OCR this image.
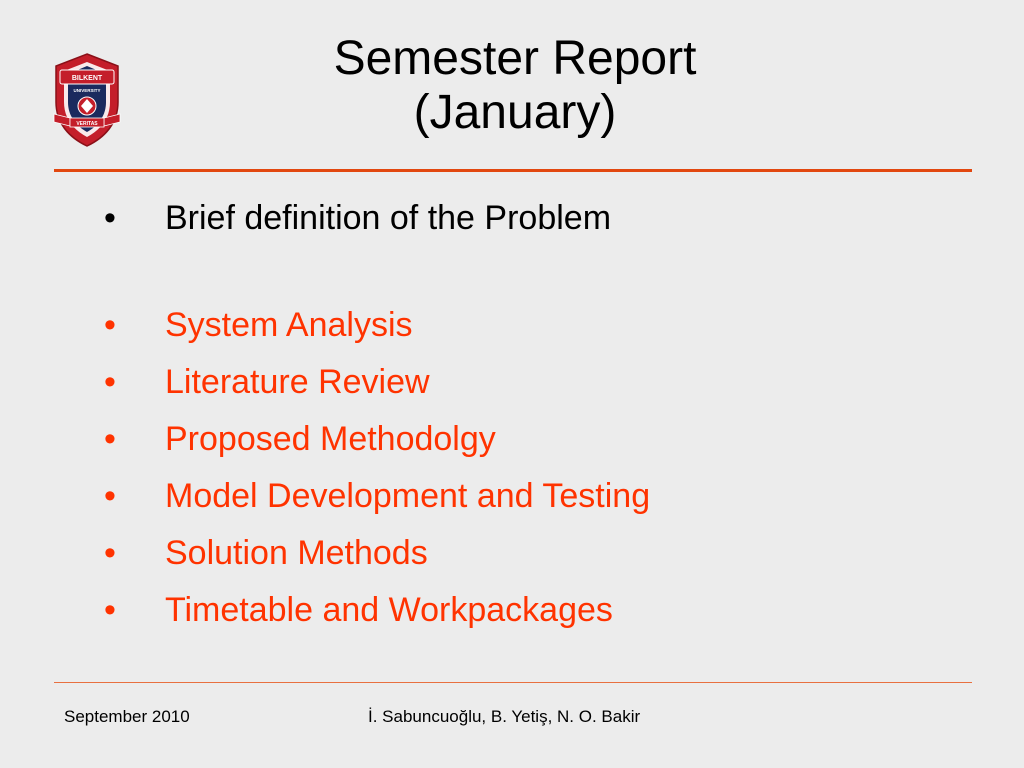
BILKENT
UNIVERSITY
VERITAS
Semester Report
(January)
• Brief definition of the Problem
• System Analysis
• Literature Review
• Proposed Methodolgy
• Model Development and Testing
• Solution Methods
• Timetable and Workpackages
September 2010	İ. Sabuncuoğlu, B. Yetiş, N. O. Bakir
